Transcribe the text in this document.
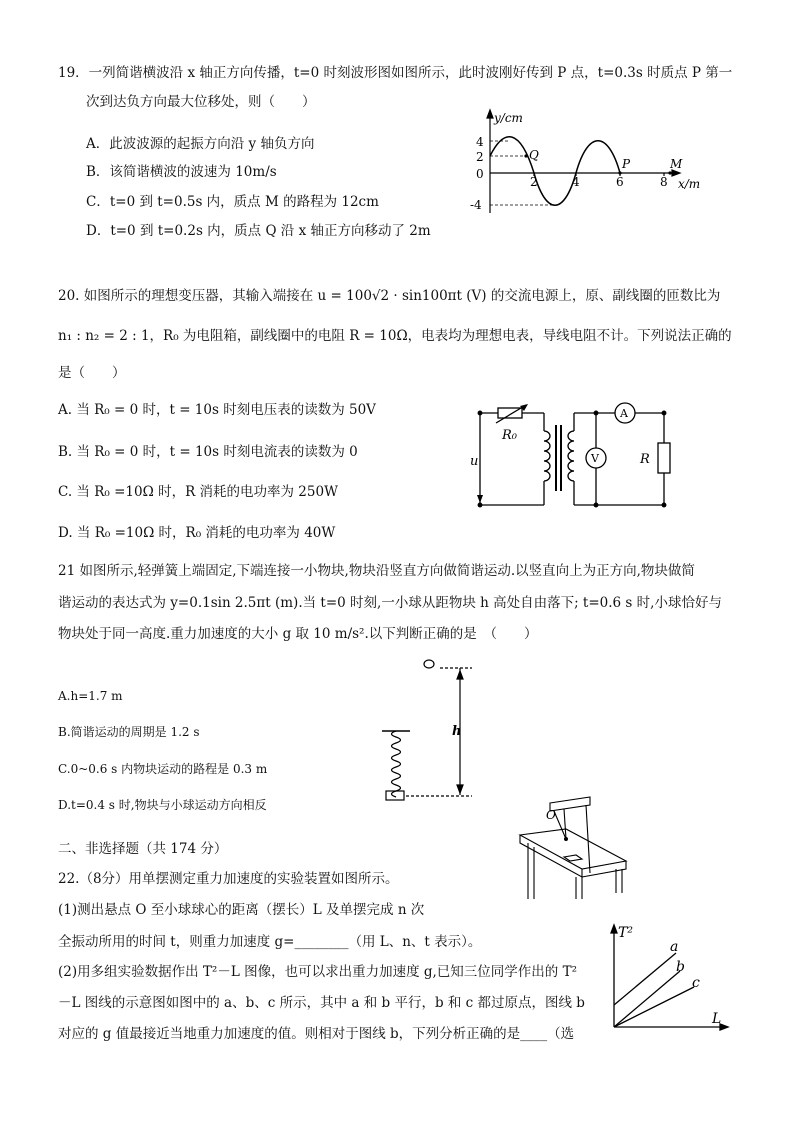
19．一列简谐横波沿 x 轴正方向传播，t=0 时刻波形图如图所示，此时波刚好传到 P 点，t=0.3s 时质点 P 第一
次到达负方向最大位移处，则（　　）
A．此波波源的起振方向沿 y 轴负方向
B．该简谐横波的波速为 10m/s
C．t=0 到 t=0.5s 内，质点 M 的路程为 12cm
D．t=0 到 t=0.2s 内，质点 Q 沿 x 轴正方向移动了 2m
y/cm
4
2
0
-4
2	4	6	8 x/m
Q
P	M
20. 如图所示的理想变压器，其输入端接在 u = 100√2 · sin100πt (V) 的交流电源上，原、副线圈的匝数比为
n₁ : n₂ = 2 : 1，R₀ 为电阻箱，副线圈中的电阻 R = 10Ω，电表均为理想电表，导线电阻不计。下列说法正确的
是（　　）
A. 当 R₀ = 0 时，t = 10s 时刻电压表的读数为 50V
B. 当 R₀ = 0 时，t = 10s 时刻电流表的读数为 0
C. 当 R₀ =10Ω 时，R 消耗的电功率为 250W
D. 当 R₀ =10Ω 时，R₀ 消耗的电功率为 40W
R₀
u
A
V	R
21 如图所示,轻弹簧上端固定,下端连接一小物块,物块沿竖直方向做简谐运动.以竖直向上为正方向,物块做简
谐运动的表达式为 y=0.1sin 2.5πt (m).当 t=0 时刻,一小球从距物块 h 高处自由落下; t=0.6 s 时,小球恰好与
物块处于同一高度.重力加速度的大小 g 取 10 m/s².以下判断正确的是　（　　）
A.h=1.7 m
B.简谐运动的周期是 1.2 s
C.0~0.6 s 内物块运动的路程是 0.3 m
D.t=0.4 s 时,物块与小球运动方向相反
h
二、非选择题（共 174 分）
22.（8分）用单摆测定重力加速度的实验装置如图所示。
(1)测出悬点 O 至小球球心的距离（摆长）L 及单摆完成 n 次
全振动所用的时间 t，则重力加速度 g=________（用 L、n、t 表示）。
(2)用多组实验数据作出 T²－L 图像，也可以求出重力加速度 g,已知三位同学作出的 T²
－L 图线的示意图如图中的 a、b、c 所示，其中 a 和 b 平行，b 和 c 都过原点，图线 b
对应的 g 值最接近当地重力加速度的值。则相对于图线 b，下列分析正确的是____（选
O
T²
L
a
b
c
